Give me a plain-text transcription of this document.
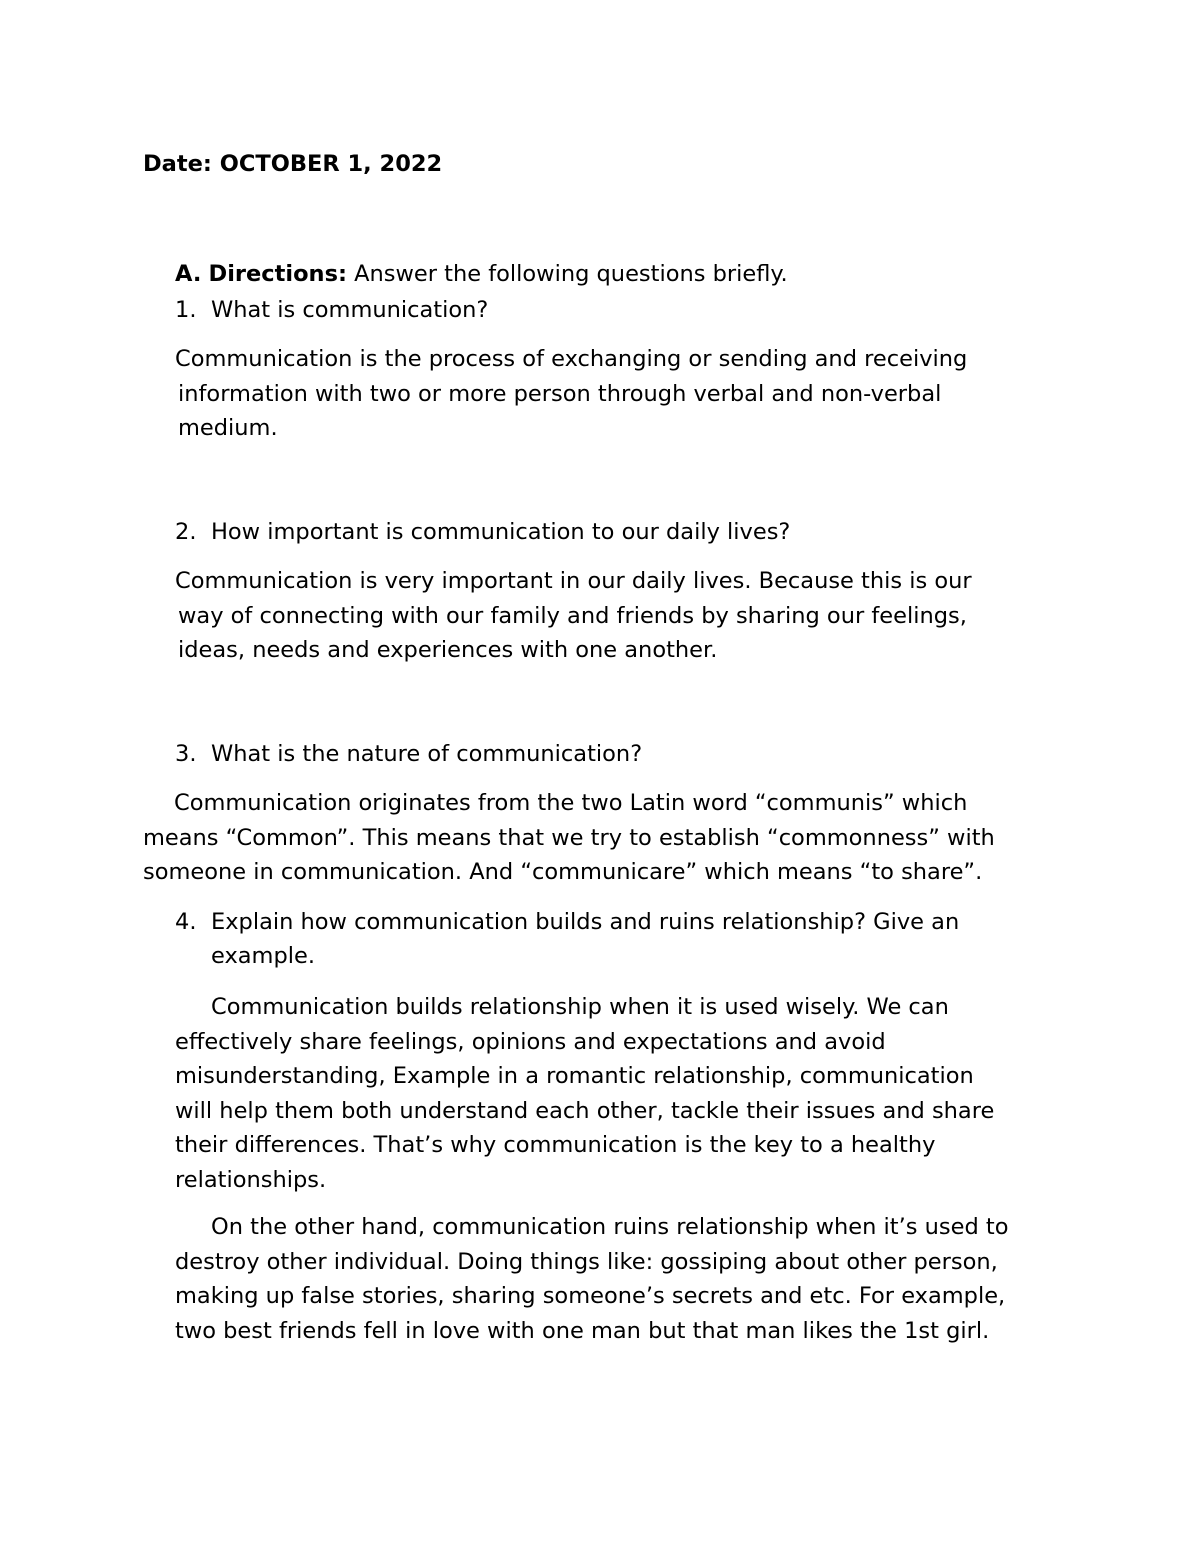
Date: OCTOBER 1, 2022
A. Directions: Answer the following questions briefly.
1. What is communication?
Communication is the process of exchanging or sending and receiving
information with two or more person through verbal and non-verbal
medium.
2. How important is communication to our daily lives?
Communication is very important in our daily lives. Because this is our
way of connecting with our family and friends by sharing our feelings,
ideas, needs and experiences with one another.
3. What is the nature of communication?
Communication originates from the two Latin word “communis” which
means “Common”. This means that we try to establish “commonness” with
someone in communication. And “communicare” which means “to share”.
4. Explain how communication builds and ruins relationship? Give an
example.
Communication builds relationship when it is used wisely. We can
effectively share feelings, opinions and expectations and avoid
misunderstanding, Example in a romantic relationship, communication
will help them both understand each other, tackle their issues and share
their differences. That’s why communication is the key to a healthy
relationships.
On the other hand, communication ruins relationship when it’s used to
destroy other individual. Doing things like: gossiping about other person,
making up false stories, sharing someone’s secrets and etc. For example,
two best friends fell in love with one man but that man likes the 1st girl.
